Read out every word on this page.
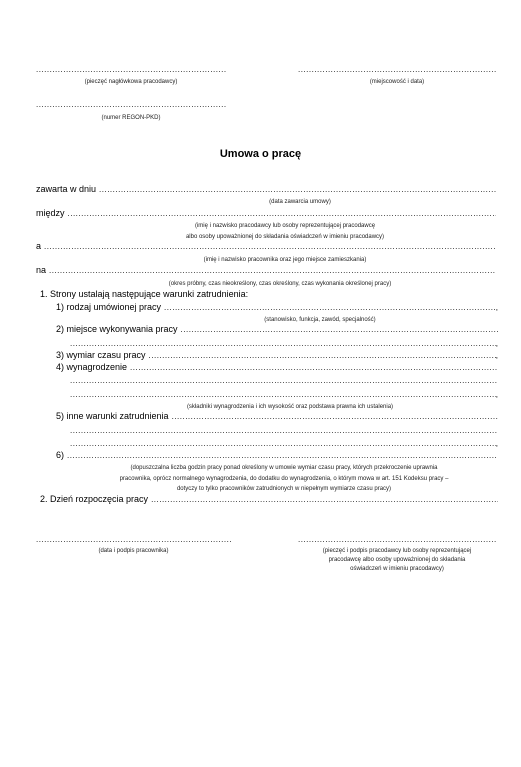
.....
(pieczęć nagłówkowa pracodawcy)
.....	(miejscowość i data)
.....
(numer REGON-PKD)
Umowa o pracę
zawarta w dniu
.....
(data zawarcia umowy)
między
.....
(imię i nazwisko pracodawcy lub osoby reprezentującej pracodawcę
albo osoby upoważnionej do składania oświadczeń w imieniu pracodawcy)
a
.....
(imię i nazwisko pracownika oraz jego miejsce zamieszkania)
na
.....
(okres próbny, czas nieokreślony, czas określony, czas wykonania określonej pracy)
1. Strony ustalają następujące warunki zatrudnienia:
1) rodzaj umówionej pracy .....	,
(stanowisko, funkcja, zawód, specjalność)
2) miejsce wykonywania pracy
.....
.....
,
3) wymiar czasu pracy .....	,
4) wynagrodzenie
.....
.....
.....
,
(składniki wynagrodzenia i ich wysokość oraz podstawa prawna ich ustalenia)
5) inne warunki zatrudnienia
.....
.....
.....
,
6)
.....
(dopuszczalna liczba godzin pracy ponad określony w umowie wymiar czasu pracy, których przekroczenie uprawnia
pracownika, oprócz normalnego wynagrodzenia, do dodatku do wynagrodzenia, o którym mowa w art. 151 Kodeksu pracy –
dotyczy to tylko pracowników zatrudnionych w niepełnym wymiarze czasu pracy)
2. Dzień rozpoczęcia pracy
.....
.....
(data i podpis pracownika)
.....	(pieczęć i podpis pracodawcy lub osoby reprezentującej
pracodawcę albo osoby upoważnionej do składania
oświadczeń w imieniu pracodawcy)
